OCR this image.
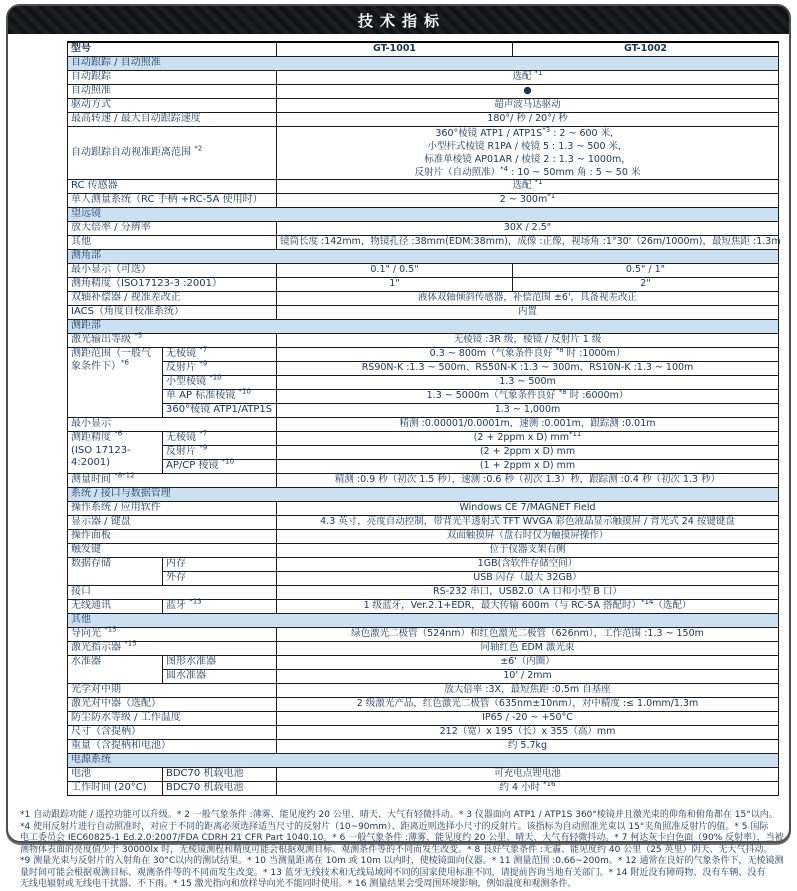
技术指标
型号		GT-1001	GT-1002
自动跟踪 / 自动照准			
自动跟踪		选配 $^{*1}$
自动照准		●	
驱动方式		超声波马达驱动	
最高转速 / 最大自动跟踪速度		180°/ 秒 / 20°/ 秒	
自动跟踪自动视准距离范围 $^{*2}$		360°棱镜 $ATP1 / ATP1S^{*3}$ : 2 ~ 600 米，
小型杆式棱镜 R1PA / 棱镜 5 : 1.3 ~ 500 米，
标准单棱镜 AP01AR / 棱镜 2 : 1.3 ~ 1000m，
反射片（自动照准）$^{*4}$ : 10 ~ 50mm 角 : 5 ~ 50 米	
RC 传感器		选配 $^{*1}$
单人测量系统（RC 手柄 +RC-5A 使用时）		2 ~ $300m^{*1}$
望远镜			
放大倍率 / 分辨率		30X / 2.5"	
其他		镜筒长度 :142mm，物镜孔径 :38mm(EDM:38mm)，成像 :正像，视场角 :1°30'（26m/1000m)，最短焦距 :1.3m	
测角部			
最小显示（可选）		0.1" / 0.5"	0.5" / 1"
测角精度（ISO17123-3 :2001）		1"	2"
双轴补偿器 / 视准差改正		液体双轴倾斜传感器，补偿范围 ±6'，具备视差改正	
IACS（角度自校准系统）		内置	
测距部			
激光输出等级 $^{*5}$		无棱镜 :3R 级，棱镜 / 反射片 1 级	
测距范围（一般气象条件下）$^{*6}$	无棱镜 $^{*7}$	0.3 ~ 800m（气象条件良好 $^{*8}$ 时 :1000m）	
	反射片 $^{*9}$	RS90N-K :1.3 ~ 500m、RS50N-K :1.3 ~ 300m、RS10N-K :1.3 ~ 100m	
	小型棱镜 $^{*10}$	1.3 ~ 500m	
	单 AP 标准棱镜 $^{*10}$	1.3 ~ 5000m（气象条件良好 $^{*8}$ 时 :6000m）	
	360°棱镜 ATP1/ATP1S	1.3 ~ 1,000m	
最小显示		精测 :0.00001/0.0001m，速测 :0.001m，跟踪测 :0.01m	
测距精度 $^{*6}$
(ISO 17123-4:2001)	无棱镜 $^{*7}$	(2 + 2ppm x D) $mm^{*11}$
	反射片 $^{*9}$	(2 + 2ppm x D) mm	
	AP/CP 棱镜 $^{*10}$	(1 + 2ppm x D) mm	
测量时间 $^{*8*12}$		精测 :0.9 秒（初次 1.5 秒），速测 :0.6 秒（初次 1.3）秒，跟踪测 :0.4 秒（初次 1.3 秒）	
系统 / 接口与数据管理			
操作系统 / 应用软件		Windows CE 7/MAGNET Field	
显示器 / 键盘		4.3 英寸，亮度自动控制，带背光半透射式 TFT WVGA 彩色液晶显示触摸屏 / 背光式 24 按键键盘	
操作面板		双面触摸屏（盘右时仅为触摸屏操作）	
触发键		位于仪器支架右侧	
数据存储	内存	1GB(含软件存储空间）	
	外存	USB 闪存（最大 32GB）	
接口		RS-232 串口，USB2.0（A 口和小型 B 口）	
无线通讯	蓝牙 $^{*13}$	1 级蓝牙，Ver.2.1+EDR，最大传输 600m（与 RC-5A 搭配时）$^{*14}$（选配）	
其他			
导向光 $^{*15}$		绿色激光二极管（524nm）和红色激光二极管（626nm），工作范围 :1.3 ~ 150m	
激光指示器 $^{*15}$		同轴红色 EDM 激光束	
水准器	图形水准器	±6'（内圈）	
	圆水准器	10' / 2mm	
光学对中期		放大倍率 :3X，最短焦距 :0.5m 自基座	
激光对中器（选配）		2 级激光产品，红色激光二极管（635nm±10nm），对中精度 :≤ 1.0mm/1.3m	
防尘防水等级 / 工作温度		IP65 / -20 ~ +50°C	
尺寸（含提柄）		212（宽）x 195（长）x 355（高）mm	
重量（含提柄和电池）		约 5.7kg	
电源系统			
电池	BDC70 机载电池	可充电点锂电池	
工作时间 (20°C)	BDC70 机载电池	约 4 小时 $^{*16}$
*1 自动跟踪功能 / 遥控功能可以升级。* 2 一般气象条件 :薄雾、能见度约 20 公里、晴天、大气有轻微抖动。* 3 仪器面向 ATP1 / ATP1S 360°棱镜并且激光束的仰角和俯角都在 15°以内。
*4 使用反射片进行自动照准时，对应于不同的距离必须选择适当尺寸的反射片（10~90mm）、距离近则选择小尺寸的反射片。该指标为自动照准光束以 15°夹角照准反射片的值。* 5 国际
电工委员会 IEC60825-1 Ed.2.0:2007/FDA CDRH 21 CFR Part 1040.10。* 6 一般气象条件 :薄雾、能见度约 20 公里、晴天、大气有轻微抖动。* 7 柯达灰卡白色面（90% 反射率），当被
测物体表面的亮度值少于 30000lx 时，无棱镜测程和精度可能会根据观测目标、观测条件等的不同而发生改变。* 8 良好气象条件 :无霾、能见度约 40 公里（25 英里）阴天、无大气抖动。
*9 测量光束与反射片的入射角在 30°C以内的测试结果。* 10 当测量距离在 10m 或 10m 以内时，使棱镜面向仪器。* 11 测量范围 :0.66~200m。* 12 通常在良好的气象条件下，无棱镜测
量时间可能会根据观测目标、观测条件等的不同而发生改变。* 13 蓝牙无线技术和无线局域网不同的国家使用标准不同，请提前咨询当地有关部门。* 14 附近没有障碍物、没有车辆、没有
无线电辐射或无线电干扰器、不下雨。* 15 激光指向和放样导向光不能同时使用。* 16 测量结果会受周围环境影响，例如温度和观测条件。
